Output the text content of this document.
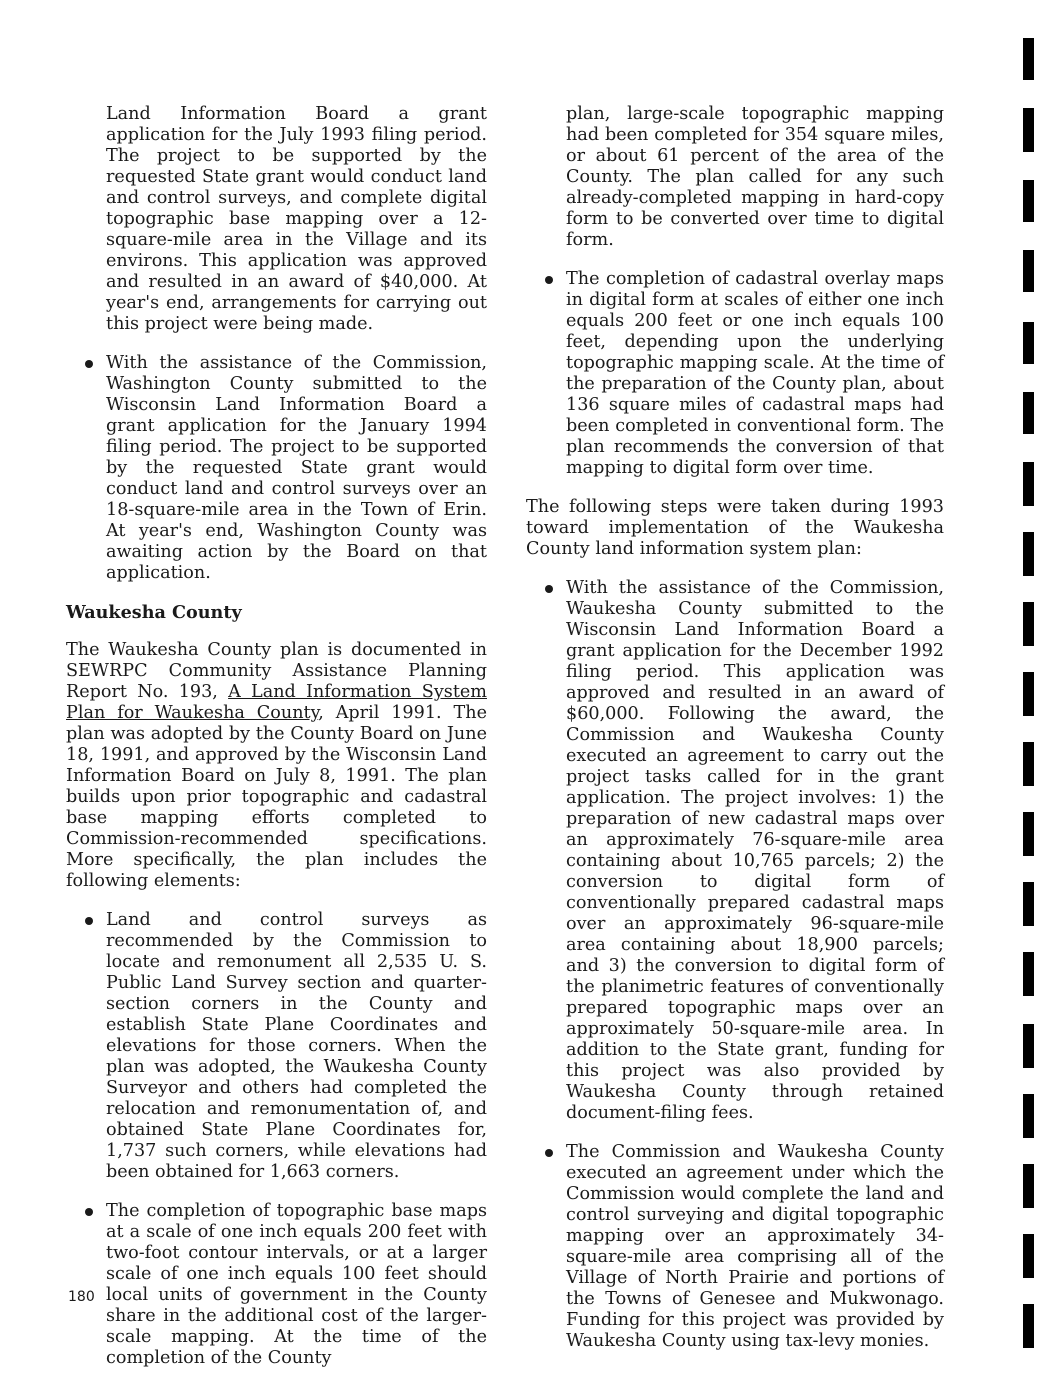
Land Information Board a grant application for the July 1993 filing period. The project to be supported by the requested State grant would conduct land and control surveys, and complete digital topographic base mapping over a 12-square-mile area in the Village and its environs. This application was approved and resulted in an award of $40,000. At year's end, arrangements for carrying out this project were being made.

With the assistance of the Commission, Washington County submitted to the Wisconsin Land Information Board a grant application for the January 1994 filing period. The project to be supported by the requested State grant would conduct land and control surveys over an 18-square-mile area in the Town of Erin. At year's end, Washington County was awaiting action by the Board on that application.

Waukesha County

The Waukesha County plan is documented in SEWRPC Community Assistance Planning Report No. 193, A Land Information System Plan for Waukesha County, April 1991. The plan was adopted by the County Board on June 18, 1991, and approved by the Wisconsin Land Information Board on July 8, 1991. The plan builds upon prior topographic and cadastral base mapping efforts completed to Commission-recommended specifications. More specifically, the plan includes the following elements:

Land and control surveys as recommended by the Commission to locate and remonument all 2,535 U. S. Public Land Survey section and quarter-section corners in the County and establish State Plane Coordinates and elevations for those corners. When the plan was adopted, the Waukesha County Surveyor and others had completed the relocation and remonumentation of, and obtained State Plane Coordinates for, 1,737 such corners, while elevations had been obtained for 1,663 corners.

The completion of topographic base maps at a scale of one inch equals 200 feet with two-foot contour intervals, or at a larger scale of one inch equals 100 feet should local units of government in the County share in the additional cost of the larger-scale mapping. At the time of the completion of the County

plan, large-scale topographic mapping had been completed for 354 square miles, or about 61 percent of the area of the County. The plan called for any such already-completed mapping in hard-copy form to be converted over time to digital form.

The completion of cadastral overlay maps in digital form at scales of either one inch equals 200 feet or one inch equals 100 feet, depending upon the underlying topographic mapping scale. At the time of the preparation of the County plan, about 136 square miles of cadastral maps had been completed in conventional form. The plan recommends the conversion of that mapping to digital form over time.

The following steps were taken during 1993 toward implementation of the Waukesha County land information system plan:

With the assistance of the Commission, Waukesha County submitted to the Wisconsin Land Information Board a grant application for the December 1992 filing period. This application was approved and resulted in an award of $60,000. Following the award, the Commission and Waukesha County executed an agreement to carry out the project tasks called for in the grant application. The project involves: 1) the preparation of new cadastral maps over an approximately 76-square-mile area containing about 10,765 parcels; 2) the conversion to digital form of conventionally prepared cadastral maps over an approximately 96-square-mile area containing about 18,900 parcels; and 3) the conversion to digital form of the planimetric features of conventionally prepared topographic maps over an approximately 50-square-mile area. In addition to the State grant, funding for this project was also provided by Waukesha County through retained document-filing fees.

The Commission and Waukesha County executed an agreement under which the Commission would complete the land and control surveying and digital topographic mapping over an approximately 34-square-mile area comprising all of the Village of North Prairie and portions of the Towns of Genesee and Mukwonago. Funding for this project was provided by Waukesha County using tax-levy monies.

180
